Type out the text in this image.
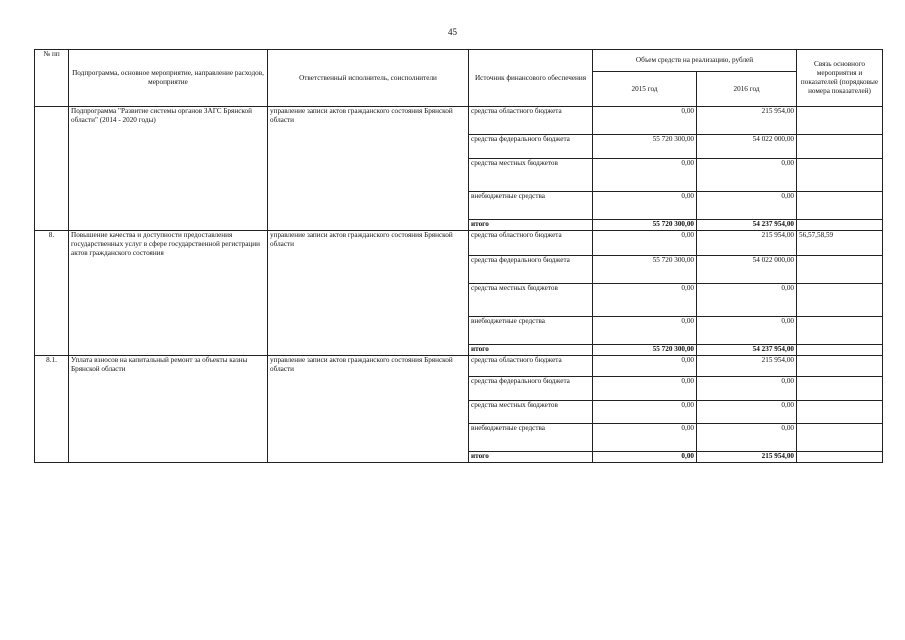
45
№ пп	Подпрограмма, основное мероприятие, направление расходов, мероприятие	Ответственный исполнитель, соисполнители	Источник финансового обеспечения	Объем средств на реализацию, рублей		Связь основного мероприятия и показателей (порядковые номера показателей)
				2015 год	2016 год	
	Подпрограмма "Развитие системы органов ЗАГС Брянской области" (2014 - 2020 годы)	управление записи актов гражданского состояния Брянской области	средства областного бюджета	0,00	215 954,00	
			средства федерального бюджета	55 720 300,00	54 022 000,00	
			средства местных бюджетов	0,00	0,00	
			внебюджетные средства	0,00	0,00	
			итого	55 720 300,00	54 237 954,00	
8.	Повышение качества и доступности предоставления государственных услуг в сфере государственной регистрации актов гражданского состояния	управление записи актов гражданского состояния Брянской области	средства областного бюджета	0,00	215 954,00	56,57,58,59
			средства федерального бюджета	55 720 300,00	54 022 000,00	
			средства местных бюджетов	0,00	0,00	
			внебюджетные средства	0,00	0,00	
			итого	55 720 300,00	54 237 954,00	
8.1.	Уплата взносов на капитальный ремонт за объекты казны Брянской области	управление записи актов гражданского состояния Брянской области	средства областного бюджета	0,00	215 954,00	
			средства федерального бюджета	0,00	0,00	
			средства местных бюджетов	0,00	0,00	
			внебюджетные средства	0,00	0,00	
			итого	0,00	215 954,00	
